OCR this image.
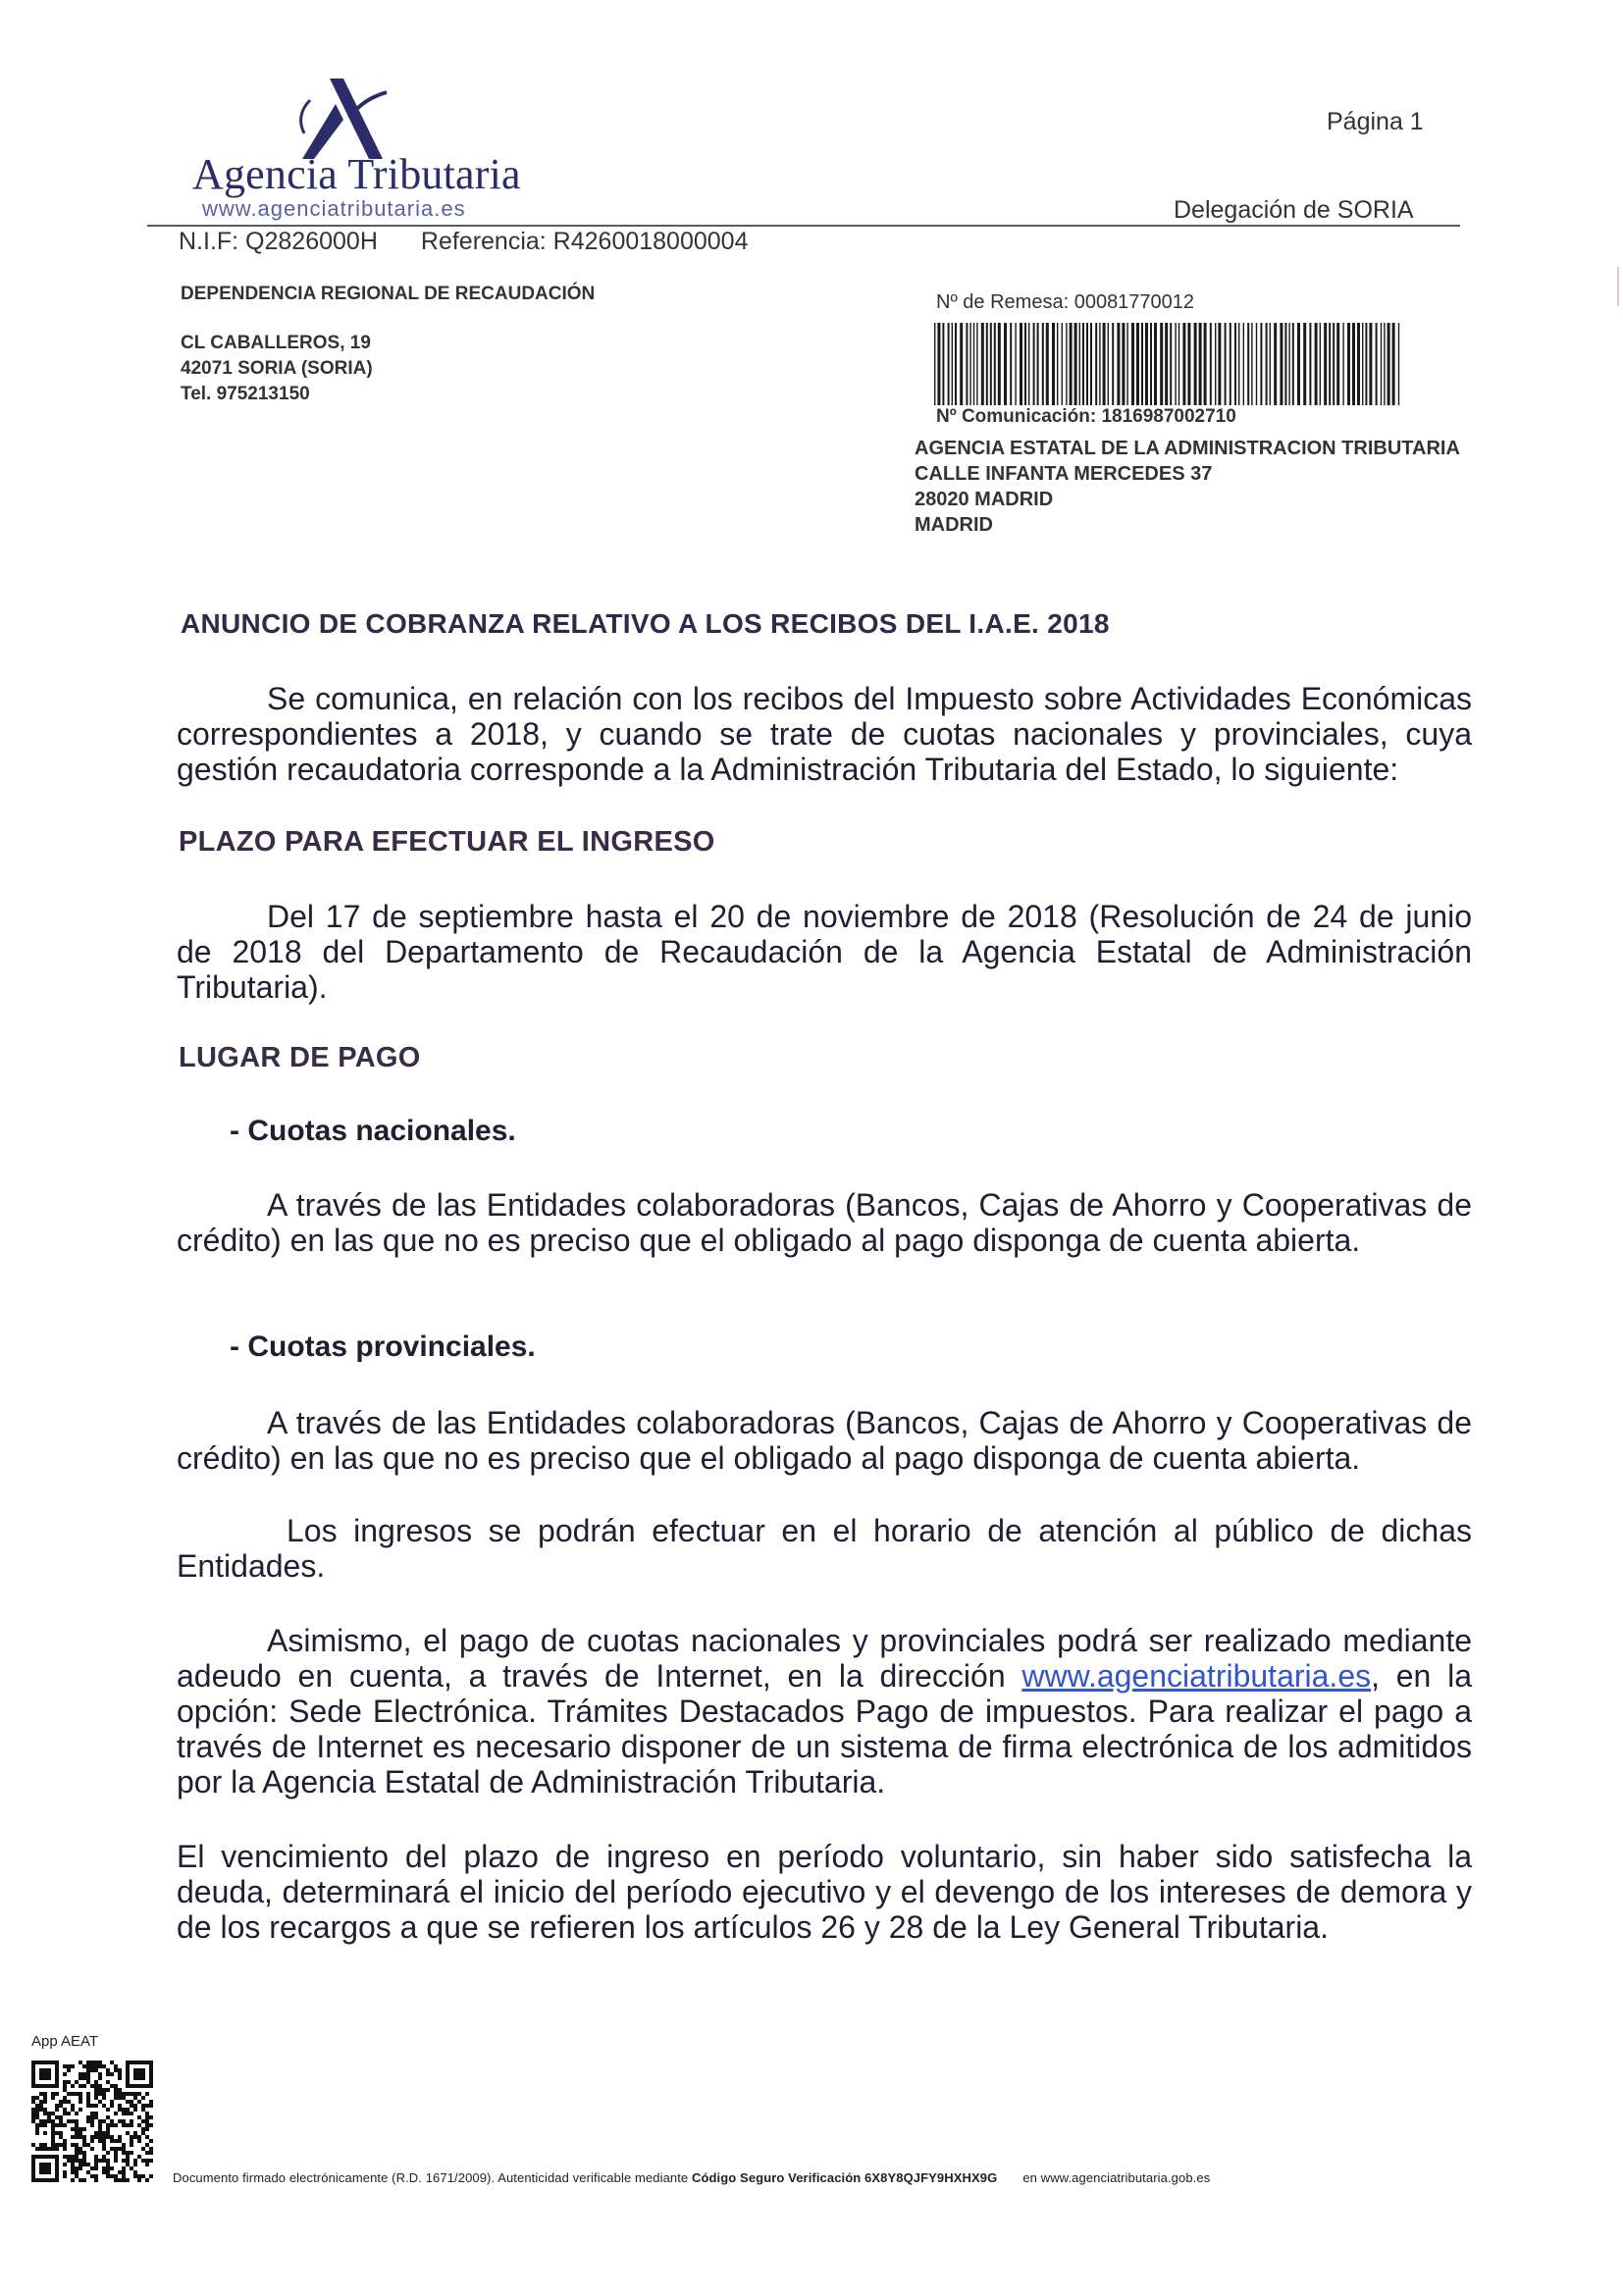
Agencia Tributaria
www.agenciatributaria.es
Página 1
Delegación de SORIA
N.I.F: Q2826000H Referencia: R4260018000004
DEPENDENCIA REGIONAL DE RECAUDACIÓN
CL CABALLEROS, 19
42071 SORIA (SORIA)
Tel. 975213150
Nº de Remesa: 00081770012
Nº Comunicación: 1816987002710
AGENCIA ESTATAL DE LA ADMINISTRACION TRIBUTARIA
CALLE INFANTA MERCEDES 37
28020 MADRID
MADRID
ANUNCIO DE COBRANZA RELATIVO A LOS RECIBOS DEL I.A.E. 2018

Se comunica, en relación con los recibos del Impuesto sobre Actividades Económicas correspondientes a 2018, y cuando se trate de cuotas nacionales y provinciales, cuya gestión recaudatoria corresponde a la Administración Tributaria del Estado, lo siguiente:

PLAZO PARA EFECTUAR EL INGRESO

Del 17 de septiembre hasta el 20 de noviembre de 2018 (Resolución de 24 de junio de 2018 del Departamento de Recaudación de la Agencia Estatal de Administración Tributaria).

LUGAR DE PAGO
- Cuotas nacionales.

A través de las Entidades colaboradoras (Bancos, Cajas de Ahorro y Cooperativas de crédito) en las que no es preciso que el obligado al pago disponga de cuenta abierta.

- Cuotas provinciales.

A través de las Entidades colaboradoras (Bancos, Cajas de Ahorro y Cooperativas de crédito) en las que no es preciso que el obligado al pago disponga de cuenta abierta.

Los ingresos se podrán efectuar en el horario de atención al público de dichas Entidades.

Asimismo, el pago de cuotas nacionales y provinciales podrá ser realizado mediante adeudo en cuenta, a través de Internet, en la dirección www.agenciatributaria.es, en la opción: Sede Electrónica. Trámites Destacados Pago de impuestos. Para realizar el pago a través de Internet es necesario disponer de un sistema de firma electrónica de los admitidos por la Agencia Estatal de Administración Tributaria.

El vencimiento del plazo de ingreso en período voluntario, sin haber sido satisfecha la deuda, determinará el inicio del período ejecutivo y el devengo de los intereses de demora y de los recargos a que se refieren los artículos 26 y 28 de la Ley General Tributaria.

App AEAT
Documento firmado electrónicamente (R.D. 1671/2009). Autenticidad verificable mediante Código Seguro Verificación 6X8Y8QJFY9HXHX9G en www.agenciatributaria.gob.es
